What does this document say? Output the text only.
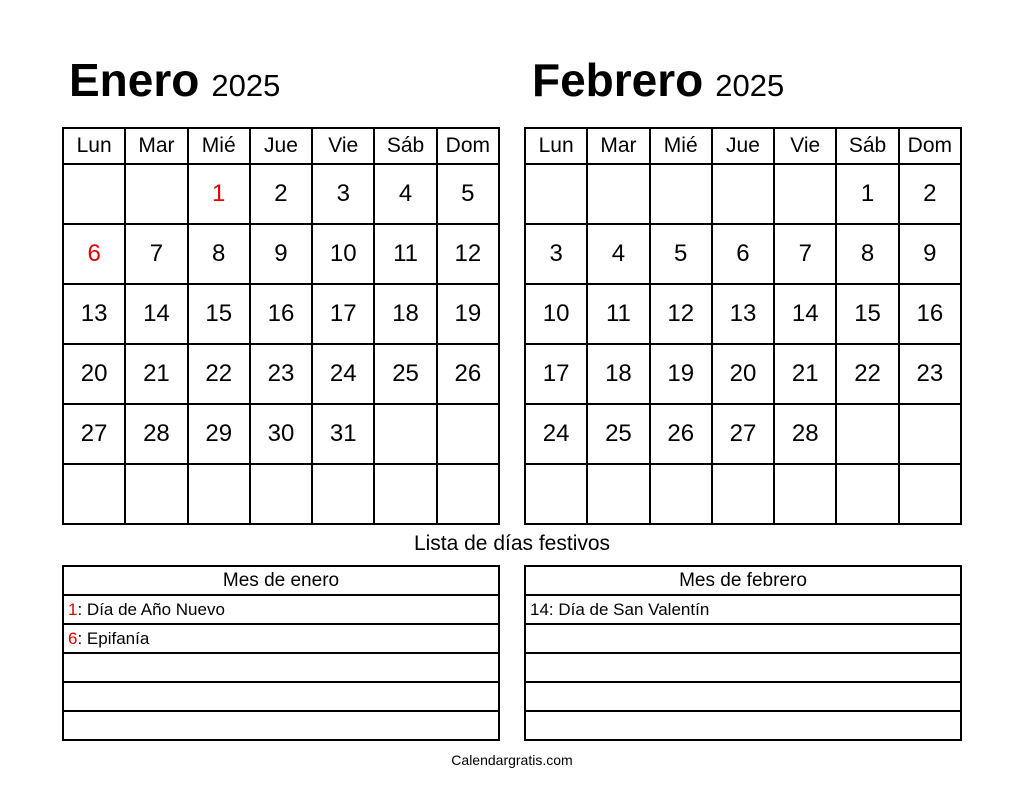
Enero 2025	Febrero 2025
Lun	Mar	Mié	Jue	Vie	Sáb	Dom
		1	2	3	4	5
6	7	8	9	10	11	12
13	14	15	16	17	18	19
20	21	22	23	24	25	26
27	28	29	30	31		

Lun	Mar	Mié	Jue	Vie	Sáb	Dom
					1	2
3	4	5	6	7	8	9
10	11	12	13	14	15	16
17	18	19	20	21	22	23
24	25	26	27	28		

Lista de días festivos
Mes de enero
1: Día de Año Nuevo
6: Epifanía

Mes de febrero
14: Día de San Valentín

Calendargratis.com
